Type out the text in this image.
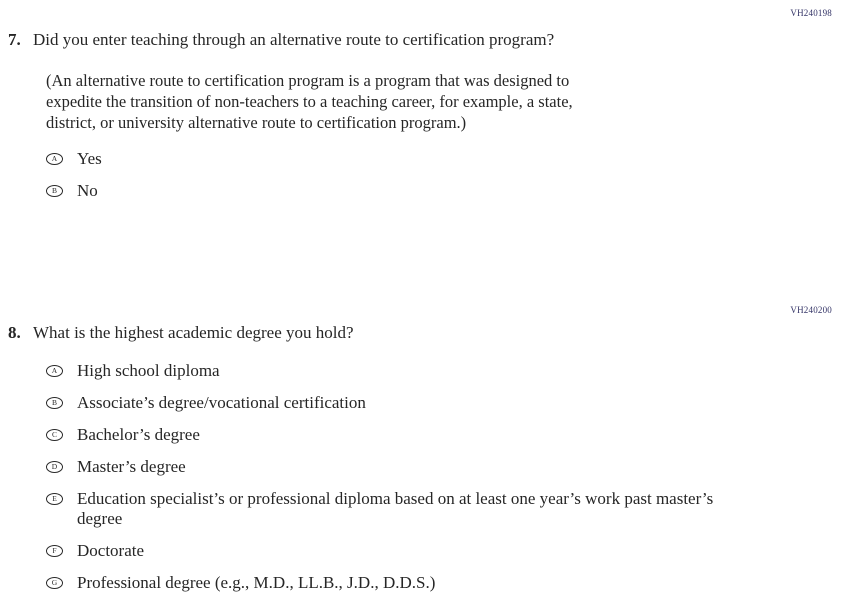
VH240198
7. Did you enter teaching through an alternative route to certification program?
(An alternative route to certification program is a program that was designed to
expedite the transition of non-teachers to a teaching career, for example, a state,
district, or university alternative route to certification program.)
A Yes
B No
VH240200
8. What is the highest academic degree you hold?
A High school diploma
B Associate’s degree/vocational certification
C Bachelor’s degree
D Master’s degree
E	Education specialist’s or professional diploma based on at least one year’s work past master’s
degree
F	Doctorate
G Professional degree (e.g., M.D., LL.B., J.D., D.D.S.)
